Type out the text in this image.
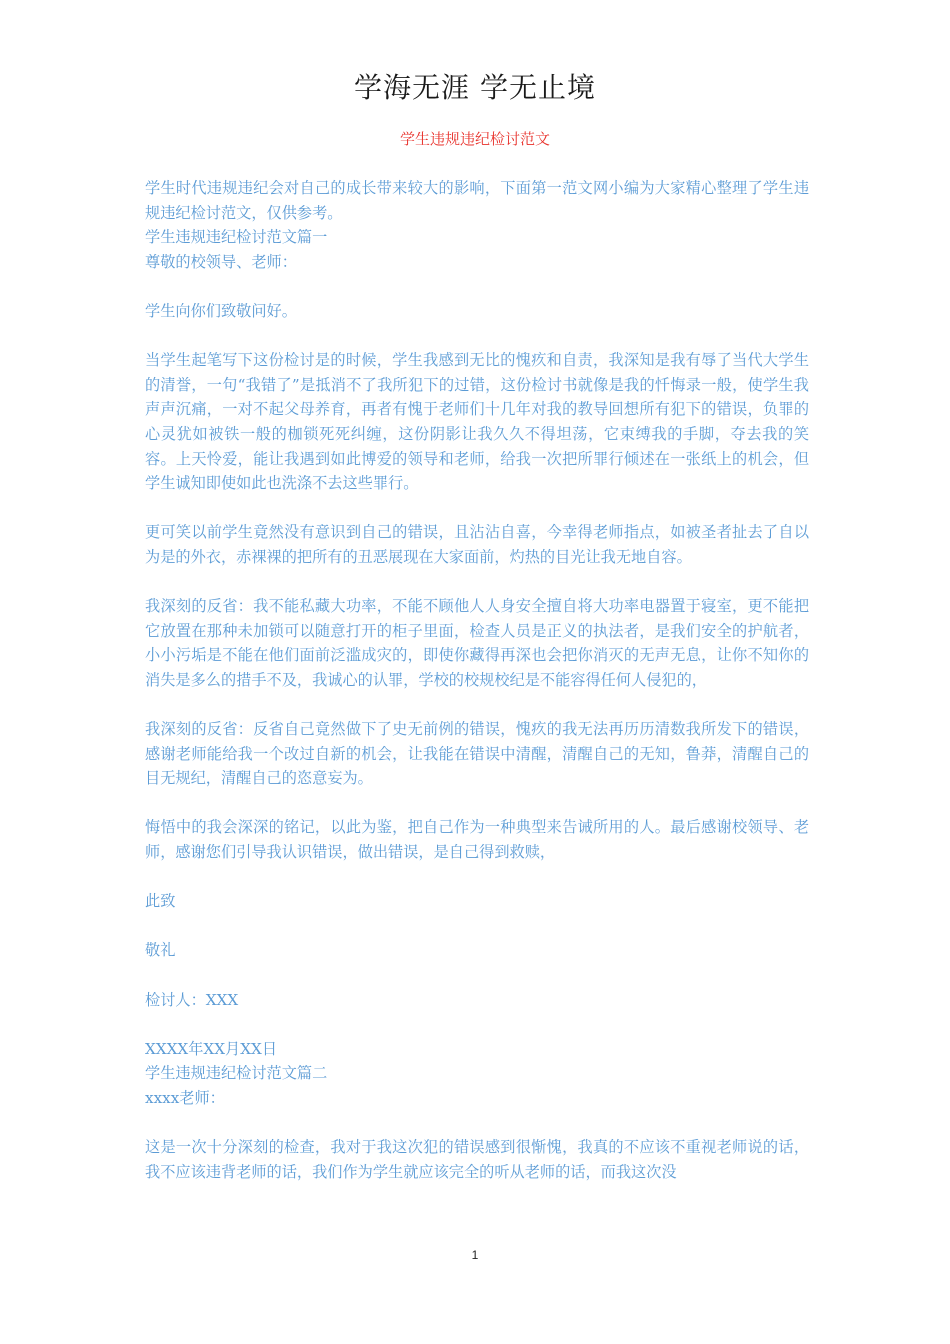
学海无涯 学无止境
学生违规违纪检讨范文

学生时代违规违纪会对自己的成长带来较大的影响，下面第一范文网小编为大家精心整理了学生违规违纪检讨范文，仅供参考。

学生违规违纪检讨范文篇一

尊敬的校领导、老师：

学生向你们致敬问好。

当学生起笔写下这份检讨是的时候，学生我感到无比的愧疚和自责，我深知是我有辱了当代大学生的清誉，一句“我错了”是抵消不了我所犯下的过错，这份检讨书就像是我的忏悔录一般，使学生我声声沉痛，一对不起父母养育，再者有愧于老师们十几年对我的教导回想所有犯下的错误，负罪的心灵犹如被铁一般的枷锁死死纠缠，这份阴影让我久久不得坦荡，它束缚我的手脚，夺去我的笑容。上天怜爱，能让我遇到如此博爱的领导和老师，给我一次把所罪行倾述在一张纸上的机会，但学生诚知即使如此也洗涤不去这些罪行。

更可笑以前学生竟然没有意识到自己的错误，且沾沾自喜，今幸得老师指点，如被圣者扯去了自以为是的外衣，赤裸裸的把所有的丑恶展现在大家面前，灼热的目光让我无地自容。

我深刻的反省：我不能私藏大功率，不能不顾他人人身安全擅自将大功率电器置于寝室，更不能把它放置在那种未加锁可以随意打开的柜子里面，检查人员是正义的执法者，是我们安全的护航者，小小污垢是不能在他们面前泛滥成灾的，即使你藏得再深也会把你消灭的无声无息，让你不知你的消失是多么的措手不及，我诚心的认罪，学校的校规校纪是不能容得任何人侵犯的，

我深刻的反省：反省自己竟然做下了史无前例的错误，愧疚的我无法再历历清数我所发下的错误，感谢老师能给我一个改过自新的机会，让我能在错误中清醒，清醒自己的无知，鲁莽，清醒自己的目无规纪，清醒自己的恣意妄为。

悔悟中的我会深深的铭记，以此为鉴，把自己作为一种典型来告诫所用的人。最后感谢校领导、老师，感谢您们引导我认识错误，做出错误，是自己得到救赎，

此致

敬礼

检讨人：XXX

XXXX年XX月XX日

学生违规违纪检讨范文篇二

xxxx老师：

这是一次十分深刻的检查，我对于我这次犯的错误感到很惭愧，我真的不应该不重视老师说的话，我不应该违背老师的话，我们作为学生就应该完全的听从老师的话，而我这次没

1
